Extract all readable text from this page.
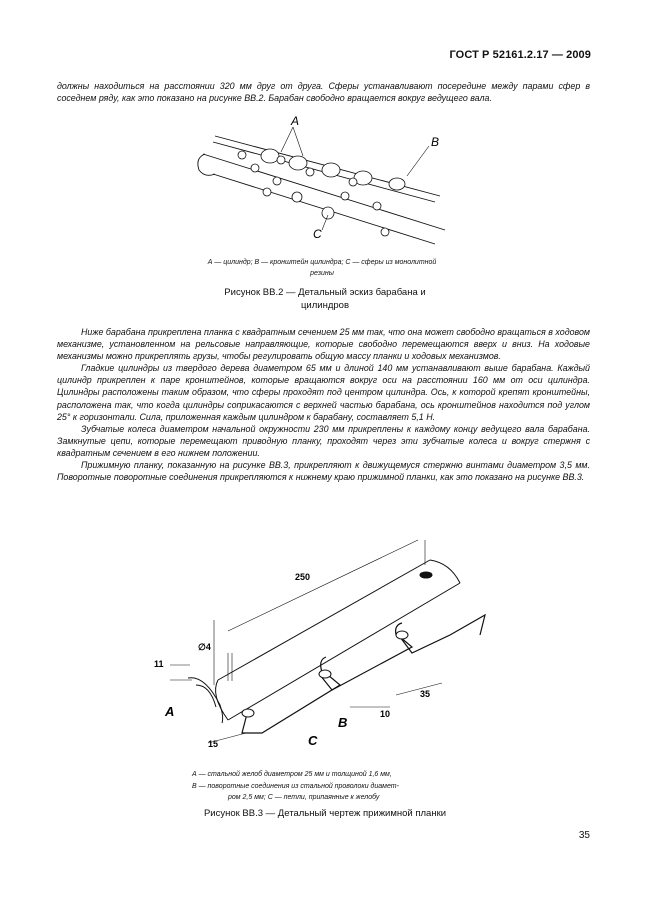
ГОСТ Р 52161.2.17 — 2009

должны находиться на расстоянии 320 мм друг от друга. Сферы устанавливают посередине между парами сфер в соседнем ряду, как это показано на рисунке ВВ.2. Барабан свободно вращается вокруг ведущего вала.

A
B
C
А — цилиндр; В — кронштейн цилиндра; С — сферы из монолитной резины
Рисунок ВВ.2 — Детальный эскиз барабана и
цилиндров

Ниже барабана прикреплена планка с квадратным сечением 25 мм так, что она может свободно вращаться в ходовом механизме, установленном на рельсовые направляющие, которые свободно перемещаются вверх и вниз. На ходовые механизмы можно прикреплять грузы, чтобы регулировать общую массу планки и ходовых механизмов.

Гладкие цилиндры из твердого дерева диаметром 65 мм и длиной 140 мм устанавливают выше барабана. Каждый цилиндр прикреплен к паре кронштейнов, которые вращаются вокруг оси на расстоянии 160 мм от оси цилиндра. Цилиндры расположены таким образом, что сферы проходят под центром цилиндра. Ось, к которой крепят кронштейны, расположена так, что когда цилиндры соприкасаются с верхней частью барабана, ось кронштейнов находится под углом 25° к горизонтали. Сила, приложенная каждым цилиндром к барабану, составляет 5,1 Н.

Зубчатые колеса диаметром начальной окружности 230 мм прикреплены к каждому концу ведущего вала барабана. Замкнутые цепи, которые перемещают приводную планку, проходят через эти зубчатые колеса и вокруг стержня с квадратным сечением в его нижнем положении.

Прижимную планку, показанную на рисунке ВВ.3, прикрепляют к движущемуся стержню винтами диаметром 3,5 мм. Поворотные поворотные соединения прикрепляются к нижнему краю прижимной планки, как это показано на рисунке ВВ.3.

250
∅4
11
15
10
35
A
B
C
А — стальной желоб диаметром 25 мм и толщиной 1,6 мм,
В — поворотные соединения из стальной проволоки диамет-
ром 2,5 мм; С — петли, припаянные к желобу
Рисунок ВВ.3 — Детальный чертеж прижимной планки
35
